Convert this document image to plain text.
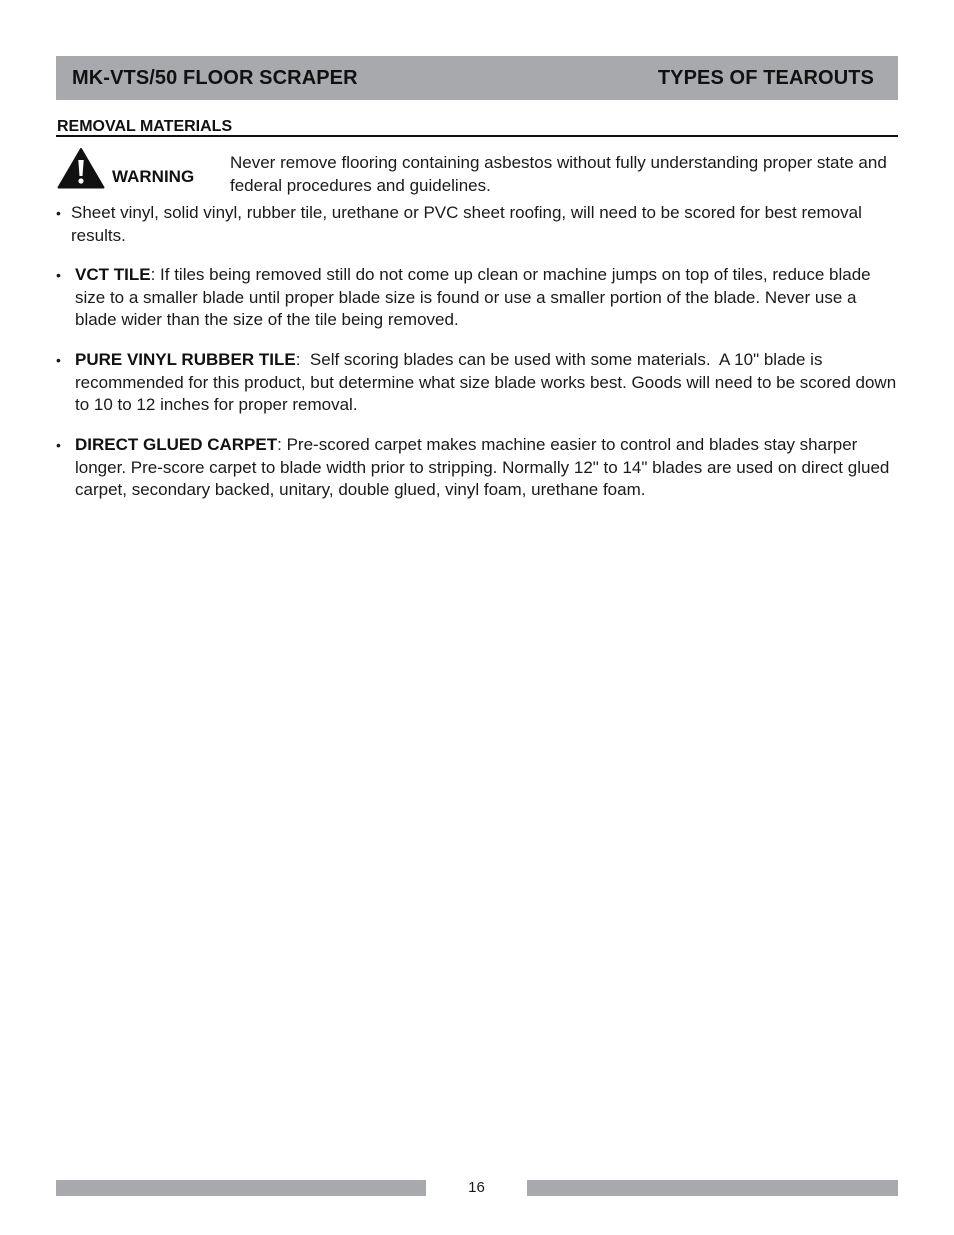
MK-VTS/50 FLOOR SCRAPER	TYPES OF TEAROUTS
REMOVAL MATERIALS
WARNING
Never remove flooring containing asbestos without fully understanding proper state and federal procedures and guidelines.
• Sheet vinyl, solid vinyl, rubber tile, urethane or PVC sheet roofing, will need to be scored for best removal results.
• VCT TILE: If tiles being removed still do not come up clean or machine jumps on top of tiles, reduce blade size to a smaller blade until proper blade size is found or use a smaller portion of the blade. Never use a blade wider than the size of the tile being removed.
• PURE VINYL RUBBER TILE:  Self scoring blades can be used with some materials.  A 10" blade is recommended for this product, but determine what size blade works best. Goods will need to be scored down to 10 to 12 inches for proper removal.
• DIRECT GLUED CARPET: Pre-scored carpet makes machine easier to control and blades stay sharper longer. Pre-score carpet to blade width prior to stripping. Normally 12" to 14" blades are used on direct glued carpet, secondary backed, unitary, double glued, vinyl foam, urethane foam.
16
